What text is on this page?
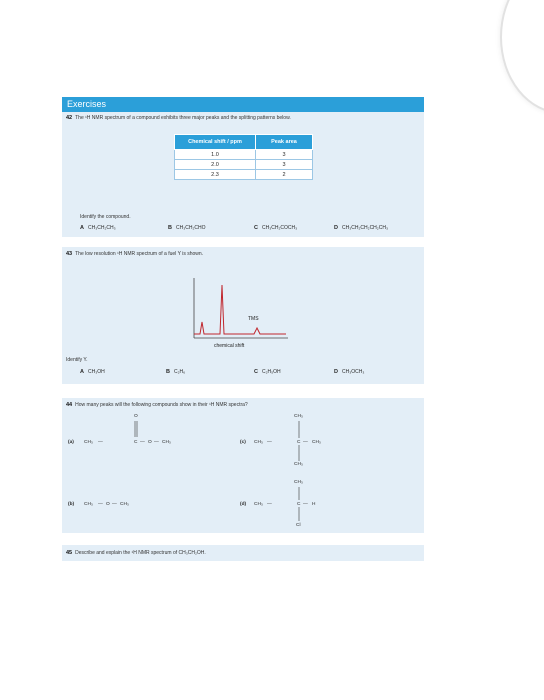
Exercises
42 The ¹H NMR spectrum of a compound exhibits three major peaks and the splitting patterns below.
Chemical shift / ppm	Peak area
1.0	3
2.0	3
2.3	2
Identify the compound.
A CH₃CH₂CH₃	B CH₃CH₂CHO	C CH₃CH₂COCH₃	D CH₃CH₂CH₂CH₂CH₃
43 The low resolution ¹H NMR spectrum of a fuel Y is shown.
TMS
chemical shift
Identify Y.
A CH₃OH	B C₂H₆	C C₂H₅OH	D CH₃OCH₃
44 How many peaks will the following compounds show in their ¹H NMR spectra?
(a)
O
CH₃ —	C — O — CH₃
(b) CH₃ — O — CH₃
(c)
CH₃
CH₃ —	C — CH₃
CH₃
(d)
CH₃
CH₃ —	C — H
Cl
45 Describe and explain the ¹H NMR spectrum of CH₃CH₂OH.
